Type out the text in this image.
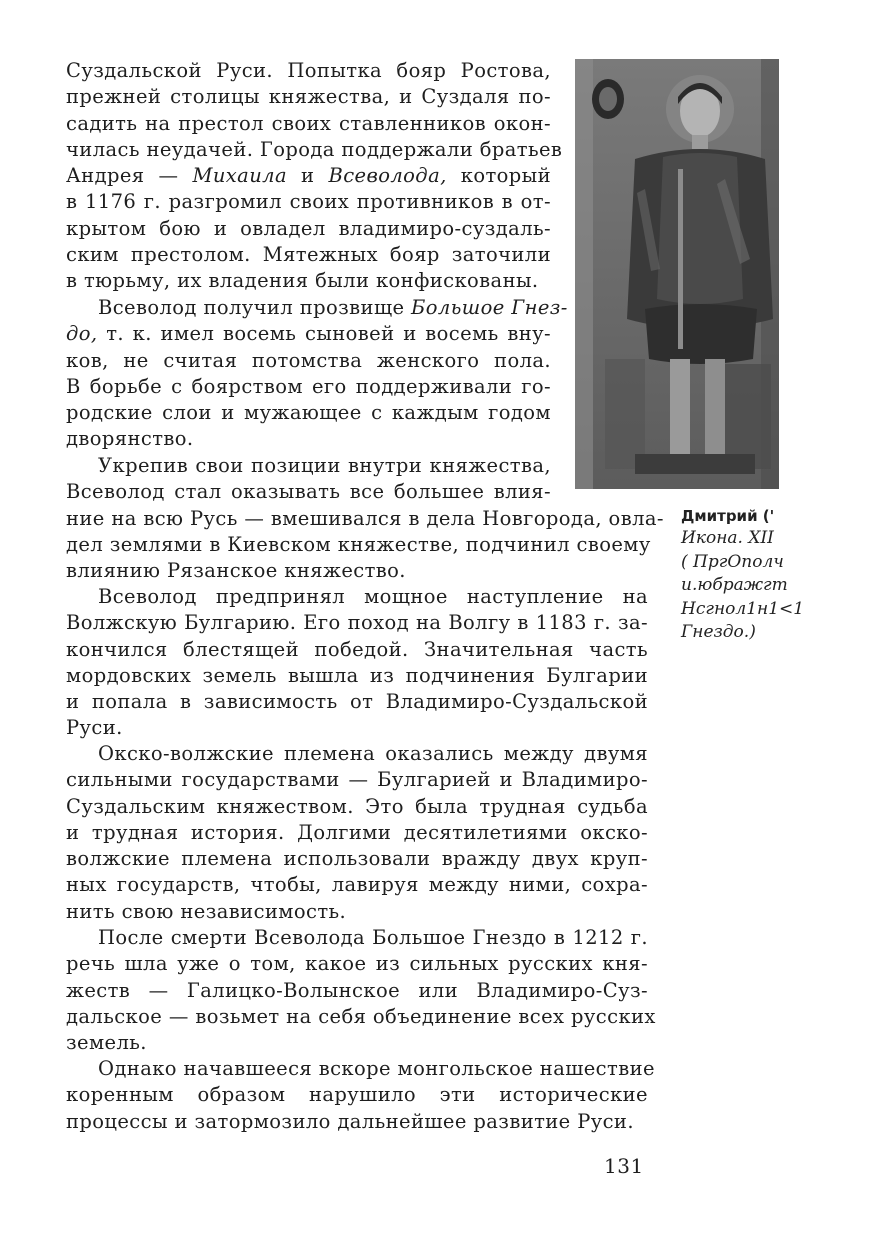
Суздальской Руси. Попытка бояр Ростова,
прежней столицы княжества, и Суздаля по-
садить на престол своих ставленников окон-
чилась неудачей. Города поддержали братьев
Андрея — Михаила и Всеволода, который
в 1176 г. разгромил своих противников в от-
крытом бою и овладел владимиро-суздаль-
ским престолом. Мятежных бояр заточили
в тюрьму, их владения были конфискованы.
Всеволод получил прозвище Большое Гнез-
до, т. к. имел восемь сыновей и восемь вну-
ков, не считая потомства женского пола.
В борьбе с боярством его поддерживали го-
родские слои и мужающее с каждым годом
дворянство.
Укрепив свои позиции внутри княжества,
Всеволод стал оказывать все большее влия-
ние на всю Русь — вмешивался в дела Новгорода, овла-
дел землями в Киевском княжестве, подчинил своему
влиянию Рязанское княжество.
Всеволод предпринял мощное наступление на
Волжскую Булгарию. Его поход на Волгу в 1183 г. за-
кончился блестящей победой. Значительная часть
мордовских земель вышла из подчинения Булгарии
и попала в зависимость от Владимиро-Суздальской
Руси.
Окско-волжские племена оказались между двумя
сильными государствами — Булгарией и Владимиро-
Суздальским княжеством. Это была трудная судьба
и трудная история. Долгими десятилетиями окско-
волжские племена использовали вражду двух круп-
ных государств, чтобы, лавируя между ними, сохра-
нить свою независимость.
После смерти Всеволода Большое Гнездо в 1212 г.
речь шла уже о том, какое из сильных русских кня-
жеств — Галицко-Волынское или Владимиро-Суз-
дальское — возьмет на себя объединение всех русских
земель.
Однако начавшееся вскоре монгольское нашествие
коренным образом нарушило эти исторические
процессы и затормозило дальнейшее развитие Руси.
Дмитрий ('
Икона. XII
( ПргОполч
и.юбражгт
Нсгнол1н1<1
Гнездо.)
131
